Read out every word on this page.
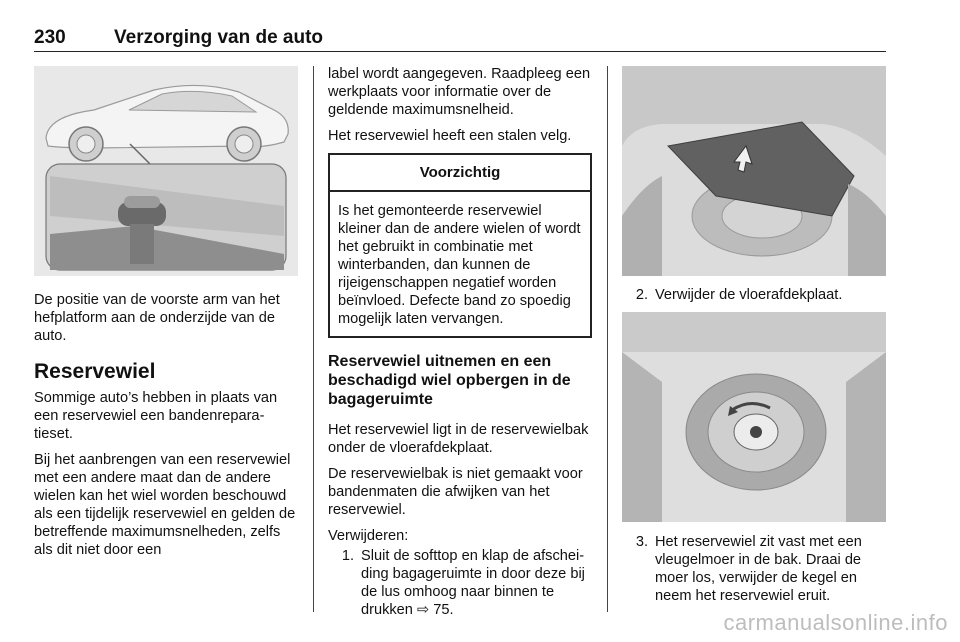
230	Verzorging van de auto

De positie van de voorste arm van het hefplatform aan de onderzijde van de auto.

Reservewiel

Sommige auto’s hebben in plaats van een reservewiel een bandenreparatieset.

Bij het aanbrengen van een reservewiel met een andere maat dan de andere wielen kan het wiel worden beschouwd als een tijdelijk reservewiel en gelden de betreffende maximumsnelheden, zelfs als dit niet door een

label wordt aangegeven. Raadpleeg een werkplaats voor informatie over de geldende maximumsnelheid.

Het reservewiel heeft een stalen velg.

Voorzichtig
Is het gemonteerde reservewiel kleiner dan de andere wielen of wordt het gebruikt in combinatie met winterbanden, dan kunnen de rijeigenschappen negatief worden beïnvloed. Defecte band zo spoedig mogelijk laten vervangen.
Reservewiel uitnemen en een beschadigd wiel opbergen in de bagageruimte

Het reservewiel ligt in de reservewielbak onder de vloerafdekplaat.

De reservewielbak is niet gemaakt voor bandenmaten die afwijken van het reservewiel.

Verwijderen:

1. Sluit de softtop en klap de afscheiding bagageruimte in door deze bij de lus omhoog naar binnen te drukken ⇨ 75.
2. Verwijder de vloerafdekplaat.
3. Het reservewiel zit vast met een vleugelmoer in de bak. Draai de moer los, verwijder de kegel en neem het reservewiel eruit.
carmanualsonline.info
